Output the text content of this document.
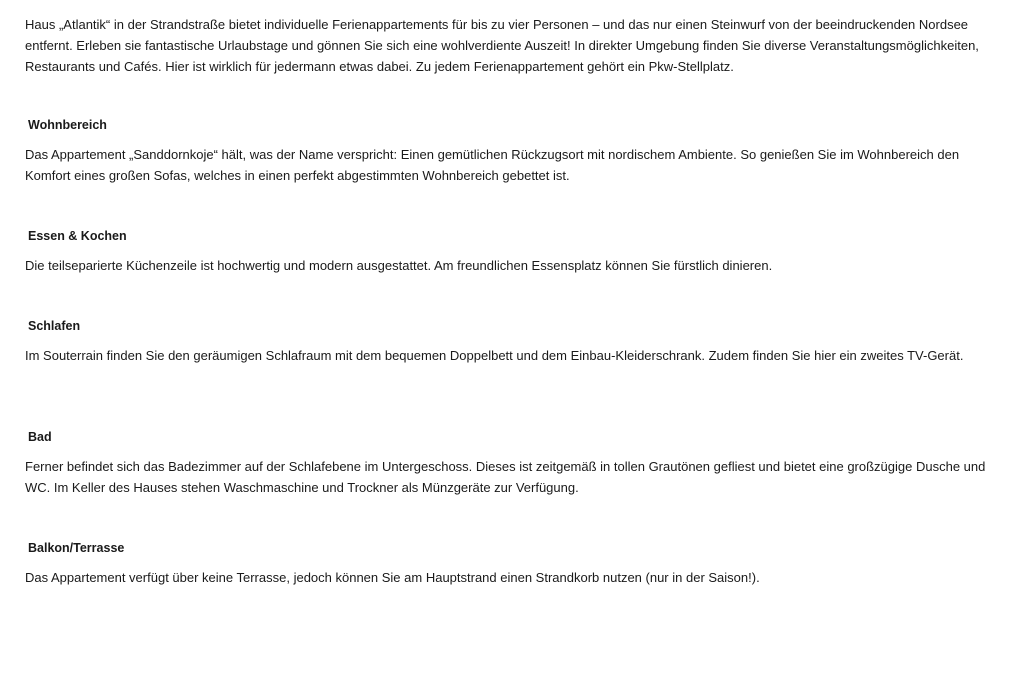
Haus „Atlantik“ in der Strandstraße bietet individuelle Ferienappartements für bis zu vier Personen – und das nur einen Steinwurf von der beeindruckenden Nordsee entfernt. Erleben sie fantastische Urlaubstage und gönnen Sie sich eine wohlverdiente Auszeit! In direkter Umgebung finden Sie diverse Veranstaltungsmöglichkeiten, Restaurants und Cafés. Hier ist wirklich für jedermann etwas dabei. Zu jedem Ferienappartement gehört ein Pkw-Stellplatz.

Wohnbereich

Das Appartement „Sanddornkoje“ hält, was der Name verspricht: Einen gemütlichen Rückzugsort mit nordischem Ambiente. So genießen Sie im Wohnbereich den Komfort eines großen Sofas, welches in einen perfekt abgestimmten Wohnbereich gebettet ist.

Essen & Kochen

Die teilseparierte Küchenzeile ist hochwertig und modern ausgestattet. Am freundlichen Essensplatz können Sie fürstlich dinieren.

Schlafen

Im Souterrain finden Sie den geräumigen Schlafraum mit dem bequemen Doppelbett und dem Einbau-Kleiderschrank. Zudem finden Sie hier ein zweites TV-Gerät.

Bad

Ferner befindet sich das Badezimmer auf der Schlafebene im Untergeschoss. Dieses ist zeitgemäß in tollen Grautönen gefliest und bietet eine großzügige Dusche und WC. Im Keller des Hauses stehen Waschmaschine und Trockner als Münzgeräte zur Verfügung.

Balkon/Terrasse

Das Appartement verfügt über keine Terrasse, jedoch können Sie am Hauptstrand einen Strandkorb nutzen (nur in der Saison!).
